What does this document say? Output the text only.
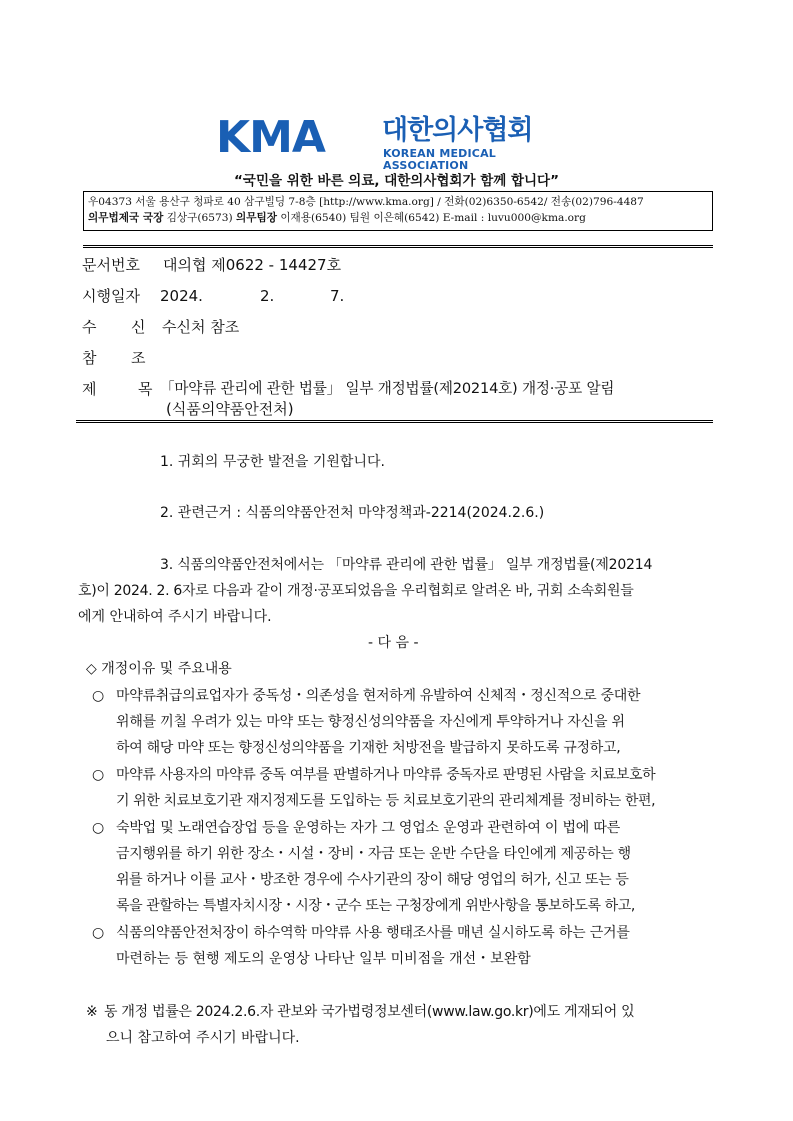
KMA 대한의사협회
KOREAN MEDICAL ASSOCIATION
“국민을 위한 바른 의료, 대한의사협회가 함께 합니다”
우04373 서울 용산구 청파로 40 삼구빌딩 7-8층 [http://www.kma.org] / 전화(02)6350-6542/ 전송(02)796-4487
의무법제국 국장 김상구(6573) 의무팀장 이재용(6540) 팀원 이은혜(6542) E-mail : luvu000@kma.org
문서번호 대의협 제0622 - 14427호
시행일자 2024.	2.	7.
수 신 수신처 참조
참 조
제	목 「마약류 관리에 관한 법률」 일부 개정법률(제20214호) 개정·공포 알림
(식품의약품안전처)
1. 귀회의 무궁한 발전을 기원합니다.
2. 관련근거 : 식품의약품안전처 마약정책과-2214(2024.2.6.)
3. 식품의약품안전처에서는 「마약류 관리에 관한 법률」 일부 개정법률(제20214
호)이 2024. 2. 6자로 다음과 같이 개정·공포되었음을 우리협회로 알려온 바, 귀회 소속회원들
에게 안내하여 주시기 바랍니다.
- 다 음 -
◇ 개정이유 및 주요내용
○ 마약류취급의료업자가 중독성・의존성을 현저하게 유발하여 신체적・정신적으로 중대한
위해를 끼칠 우려가 있는 마약 또는 향정신성의약품을 자신에게 투약하거나 자신을 위
하여 해당 마약 또는 향정신성의약품을 기재한 처방전을 발급하지 못하도록 규정하고,
○ 마약류 사용자의 마약류 중독 여부를 판별하거나 마약류 중독자로 판명된 사람을 치료보호하
기 위한 치료보호기관 재지정제도를 도입하는 등 치료보호기관의 관리체계를 정비하는 한편,
○ 숙박업 및 노래연습장업 등을 운영하는 자가 그 영업소 운영과 관련하여 이 법에 따른
금지행위를 하기 위한 장소・시설・장비・자금 또는 운반 수단을 타인에게 제공하는 행
위를 하거나 이를 교사・방조한 경우에 수사기관의 장이 해당 영업의 허가, 신고 또는 등
록을 관할하는 특별자치시장・시장・군수 또는 구청장에게 위반사항을 통보하도록 하고,
○ 식품의약품안전처장이 하수역학 마약류 사용 행태조사를 매년 실시하도록 하는 근거를
마련하는 등 현행 제도의 운영상 나타난 일부 미비점을 개선・보완함
※ 동 개정 법률은 2024.2.6.자 관보와 국가법령정보센터(www.law.go.kr)에도 게재되어 있
으니 참고하여 주시기 바랍니다.
